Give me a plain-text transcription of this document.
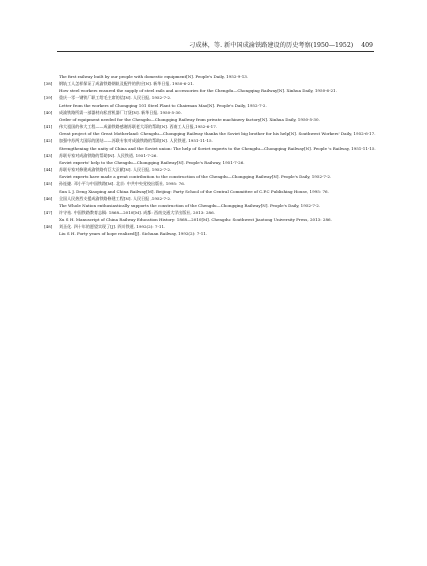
刁成林，等. 新中国成渝铁路建设的历史考察(1950—1952) 409
The first railway built by our people with domestic equipment[N]. People's Daily, 1952-9-13.
[38]	钢轨工人怎样保证了成渝铁路钢轨及配件的供应[N]. 新华日报, 1950-6-21.
How steel workers ensured the supply of steel rails and accessories for the Chengdu—Chongqing Railway[N]. Xinhua Daily, 1950-6-21.
[39]	重庆一零一钢铁厂职工给毛主席的信[N]. 人民日报, 1952-7-2.
Letter from the workers of Chongqing 101 Steel Plant to Chairman Mao[N]. People's Daily, 1952-7-2.
[40]	成渝铁路所需一部器材向私营机器厂订货[N]. 新华日报, 1950-5-30.
Order of equipment needed for the Chengdu—Chongqing Railway from private machinery factory[N]. Xinhua Daily, 1950-5-30.
[41]	伟大祖国的伟大工程——成渝铁路感谢苏联老大哥的帮助[N]. 西南工人日报,1952-6-17.
Great project of the Great Motherland: Chengdu—Chongqing Railway thanks the Soviet big brother for his help[N]. Southwest Workers' Daily, 1952-6-17.
[42]	加强中苏两大国际的团结——苏联专家对成渝铁路的帮助[N]. 人民铁道, 1951-11-15.
Strengthening the unity of China and the Soviet union: The help of Soviet experts to the Chengdu—Chongqing Railway[N]. People 's Railway, 1951-11-15.
[43]	苏联专家对成渝铁路的帮助[N]. 人民铁道, 1951-7-26.
Soviet experts' help to the Chengdu—Chongqing Railway[N]. People's Railway, 1951-7-26.
[44]	苏联专家对修建成渝铁路有巨大贡献[N]. 人民日报, 1952-7-2.
Soviet experts have made a great contribution to the construction of the Chengdu—Chongqing Railway[N]. People's Daily, 1952-7-2.
[45]	孙连捷. 邓小平与中国铁路[M]. 北京: 中共中央党校出版社, 1995: 76.
Sun L J. Deng Xiaoping and China Railway[M]. Beijing: Party School of the Central Committee of C.P.C Publishing House, 1995: 76.
[46]	全国人民热烈支援成渝铁路修建工程[N]. 人民日报 ,1952-7-2.
The Whole Nation enthusiastically supports the construction of the Chengdu—Chongqing Railway[N]. People's Daily, 1952-7-2.
[47]	许守祜. 中国铁路教育志稿: 1868—2010[M]. 成都: 西南交通大学出版社, 2013: 286.
Xu S H. Manuscript of China Railway Education History: 1868—2010[M]. Chengdu: Southwest Jiaotong University Press, 2013: 286.
[48]	刘圣化. 四十年的愿望实现了[J]. 四川铁道, 1992(2): 7-11.
Liu S H. Forty years of hope realized[J]. Sichuan Railway, 1992(2): 7-11.
